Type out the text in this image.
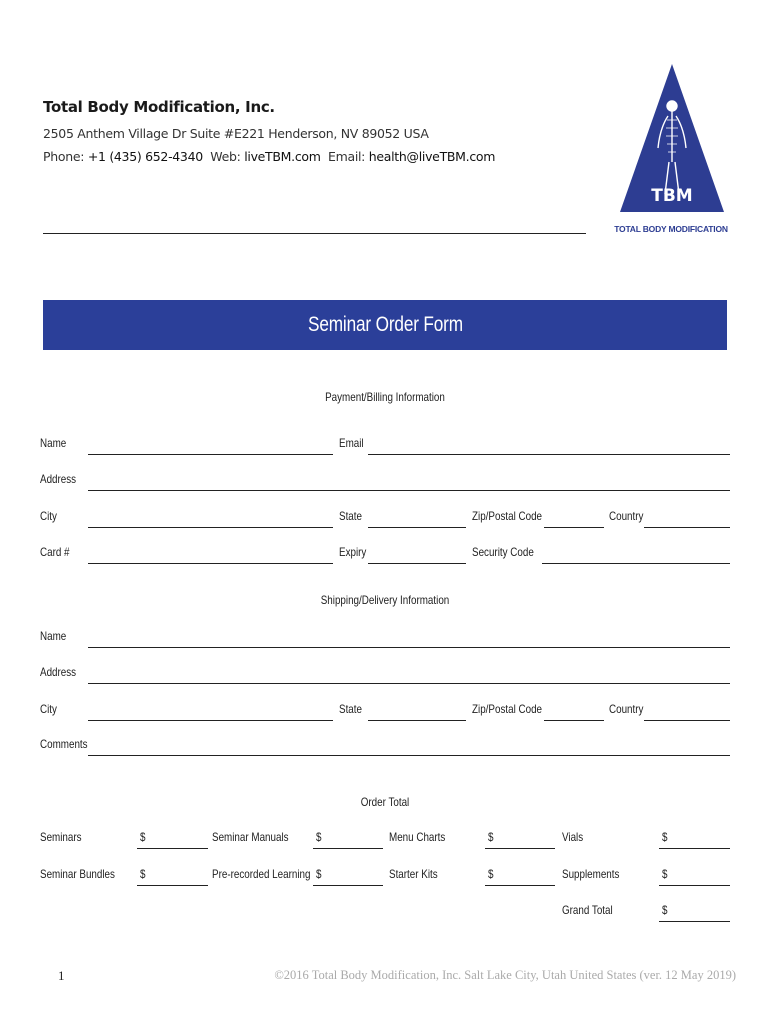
Total Body Modification, Inc.
2505 Anthem Village Dr Suite #E221 Henderson, NV 89052 USA
Phone: +1 (435) 652-4340 Web: liveTBM.com Email: health@liveTBM.com
TBM
TOTAL BODY MODIFICATION
Seminar Order Form
Payment/Billing Information
Name	Email
Address
City	State	Zip/Postal Code	Country
Card #	Expiry	Security Code
Shipping/Delivery Information
Name
Address
City	State	Zip/Postal Code	Country
Comments
Order Total
Seminars	$	Seminar Manuals $	Menu Charts	$	Vials	$
Seminar Bundles $	Pre-recorded Learning $	Starter Kits	$	Supplements	$
Grand Total	$
1	©2016 Total Body Modification, Inc. Salt Lake City, Utah United States (ver. 12 May 2019)
